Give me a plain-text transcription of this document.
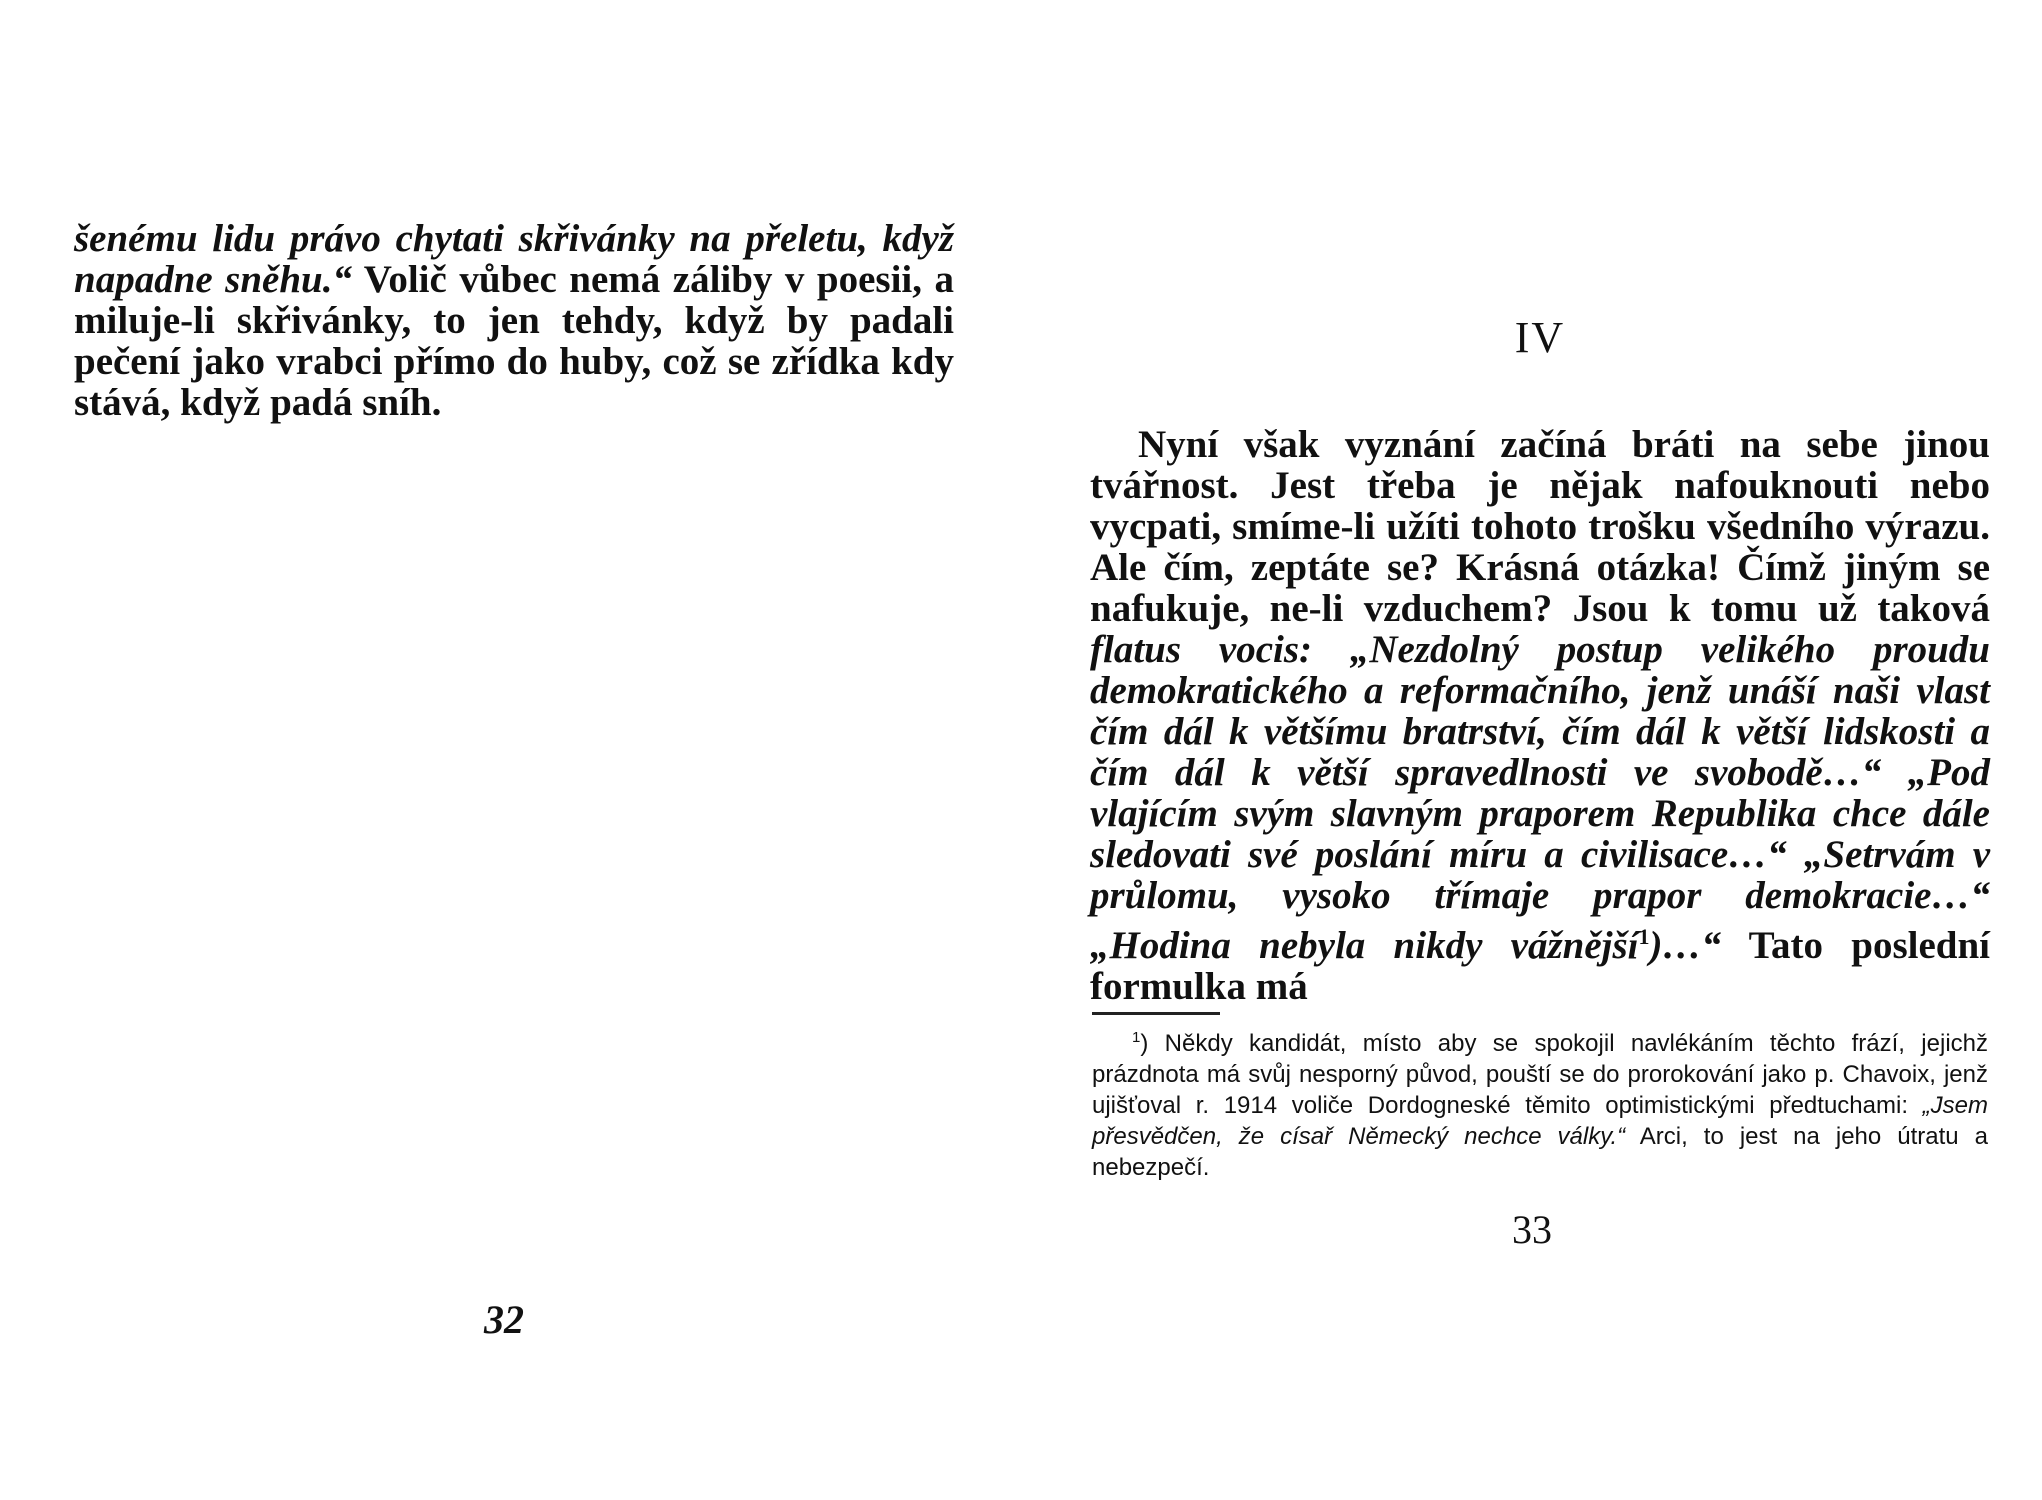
šenému lidu právo chytati skřivánky na přeletu, když napadne sněhu.“ Volič vůbec nemá záliby v poesii, a miluje-li skřivánky, to jen tehdy, když by padali pečení jako vrabci přímo do huby, což se zřídka kdy stává, když padá sníh.

32
IV

Nyní však vyznání začíná bráti na sebe jinou tvářnost. Jest třeba je nějak nafouknouti nebo vycpati, smíme-li užíti tohoto trošku všedního výrazu. Ale čím, zeptáte se? Krásná otázka! Čímž jiným se nafukuje, ne-li vzduchem? Jsou k tomu už taková flatus vocis: „Nezdolný postup velikého proudu demokratického a reformačního, jenž unáší naši vlast čím dál k většímu bratrství, čím dál k větší lidskosti a čím dál k větší spravedlnosti ve svobodě…“ „Pod vlajícím svým slavným praporem Republika chce dále sledovati své poslání míru a civilisace…“ „Setrvám v průlomu, vysoko třímaje prapor demokracie…“ „Hodina nebyla nikdy vážnější$^1$)…“ Tato poslední formulka má

$^1$) Někdy kandidát, místo aby se spokojil navlékáním těchto frází, jejichž prázdnota má svůj nesporný původ, pouští se do prorokování jako p. Chavoix, jenž ujišťoval r. 1914 voliče Dordogneské těmito optimistickými předtuchami: „Jsem přesvědčen, že císař Německý nechce války.“ Arci, to jest na jeho útratu a nebezpečí.

33
